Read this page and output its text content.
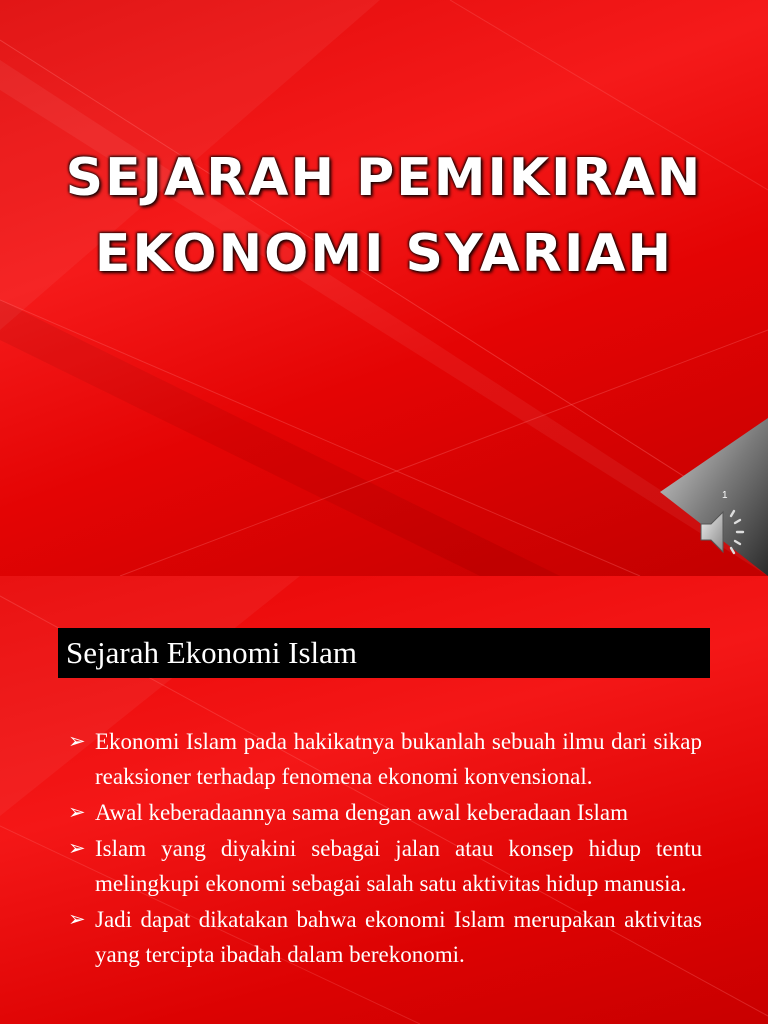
SEJARAH PEMIKIRAN
EKONOMI SYARIAH
1
Sejarah Ekonomi Islam
➢ Ekonomi Islam pada hakikatnya bukanlah sebuah ilmu dari sikap reaksioner terhadap fenomena ekonomi konvensional.
➢ Awal keberadaannya sama dengan awal keberadaan Islam
➢ Islam yang diyakini sebagai jalan atau konsep hidup tentu melingkupi ekonomi sebagai salah satu aktivitas hidup manusia.
➢ Jadi dapat dikatakan bahwa ekonomi Islam merupakan aktivitas yang tercipta ibadah dalam berekonomi.
